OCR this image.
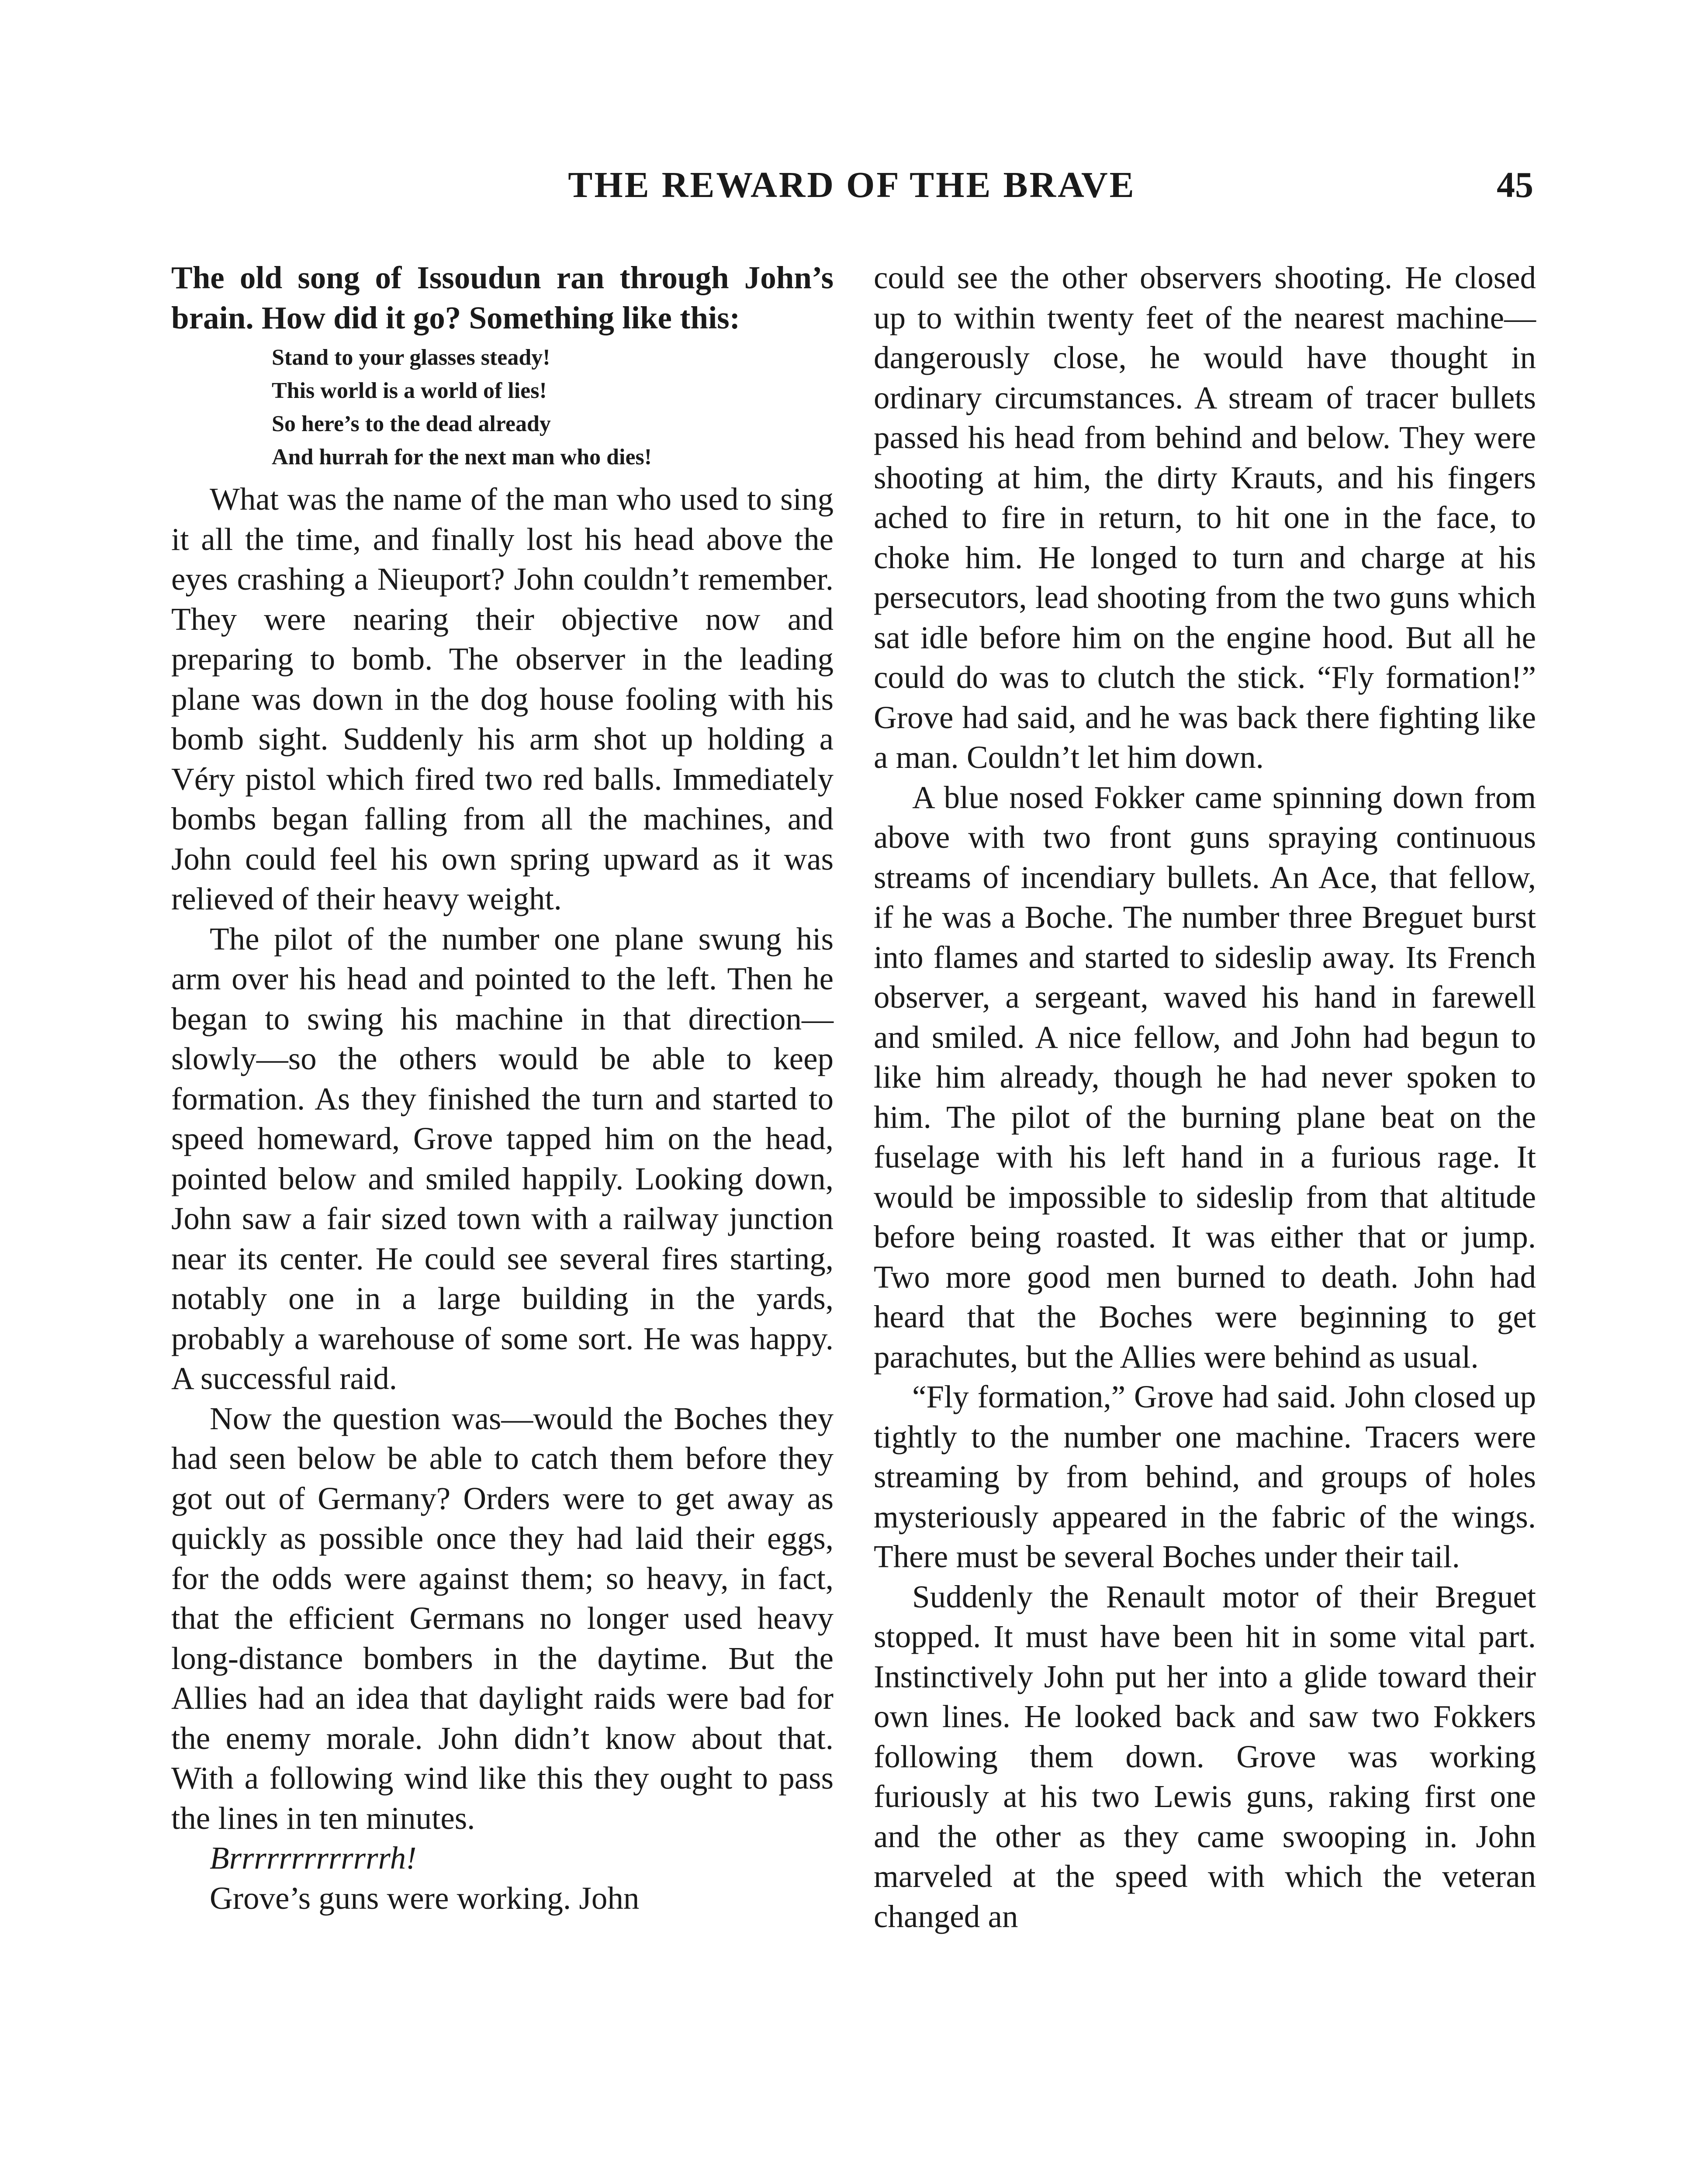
THE REWARD OF THE BRAVE	45

The old song of Issoudun ran through John’s brain. How did it go? Something like this:

Stand to your glasses steady!
This world is a world of lies!
So here’s to the dead already
And hurrah for the next man who dies!

What was the name of the man who used to sing it all the time, and finally lost his head above the eyes crashing a Nieuport? John couldn’t remember. They were nearing their objective now and preparing to bomb. The observer in the leading plane was down in the dog house fooling with his bomb sight. Suddenly his arm shot up holding a Véry pistol which fired two red balls. Immediately bombs began falling from all the machines, and John could feel his own spring upward as it was relieved of their heavy weight.

The pilot of the number one plane swung his arm over his head and pointed to the left. Then he began to swing his machine in that direction—slowly—so the others would be able to keep formation. As they finished the turn and started to speed homeward, Grove tapped him on the head, pointed below and smiled happily. Looking down, John saw a fair sized town with a railway junction near its center. He could see several fires starting, notably one in a large building in the yards, probably a warehouse of some sort. He was happy. A successful raid.

Now the question was—would the Boches they had seen below be able to catch them before they got out of Germany? Orders were to get away as quickly as possible once they had laid their eggs, for the odds were against them; so heavy, in fact, that the efficient Germans no longer used heavy long-distance bombers in the daytime. But the Allies had an idea that daylight raids were bad for the enemy morale. John didn’t know about that. With a following wind like this they ought to pass the lines in ten minutes.

Brrrrrrrrrrrrrh!

Grove’s guns were working. John

could see the other observers shooting. He closed up to within twenty feet of the nearest machine—dangerously close, he would have thought in ordinary circumstances. A stream of tracer bullets passed his head from behind and below. They were shooting at him, the dirty Krauts, and his fingers ached to fire in return, to hit one in the face, to choke him. He longed to turn and charge at his persecutors, lead shooting from the two guns which sat idle before him on the engine hood. But all he could do was to clutch the stick. “Fly formation!” Grove had said, and he was back there fighting like a man. Couldn’t let him down.

A blue nosed Fokker came spinning down from above with two front guns spraying continuous streams of incendiary bullets. An Ace, that fellow, if he was a Boche. The number three Breguet burst into flames and started to sideslip away. Its French observer, a sergeant, waved his hand in farewell and smiled. A nice fellow, and John had begun to like him already, though he had never spoken to him. The pilot of the burning plane beat on the fuselage with his left hand in a furious rage. It would be impossible to sideslip from that altitude before being roasted. It was either that or jump. Two more good men burned to death. John had heard that the Boches were beginning to get parachutes, but the Allies were behind as usual.

“Fly formation,” Grove had said. John closed up tightly to the number one machine. Tracers were streaming by from behind, and groups of holes mysteriously appeared in the fabric of the wings. There must be several Boches under their tail.

Suddenly the Renault motor of their Breguet stopped. It must have been hit in some vital part. Instinctively John put her into a glide toward their own lines. He looked back and saw two Fokkers following them down. Grove was working furiously at his two Lewis guns, raking first one and the other as they came swooping in. John marveled at the speed with which the veteran changed an
